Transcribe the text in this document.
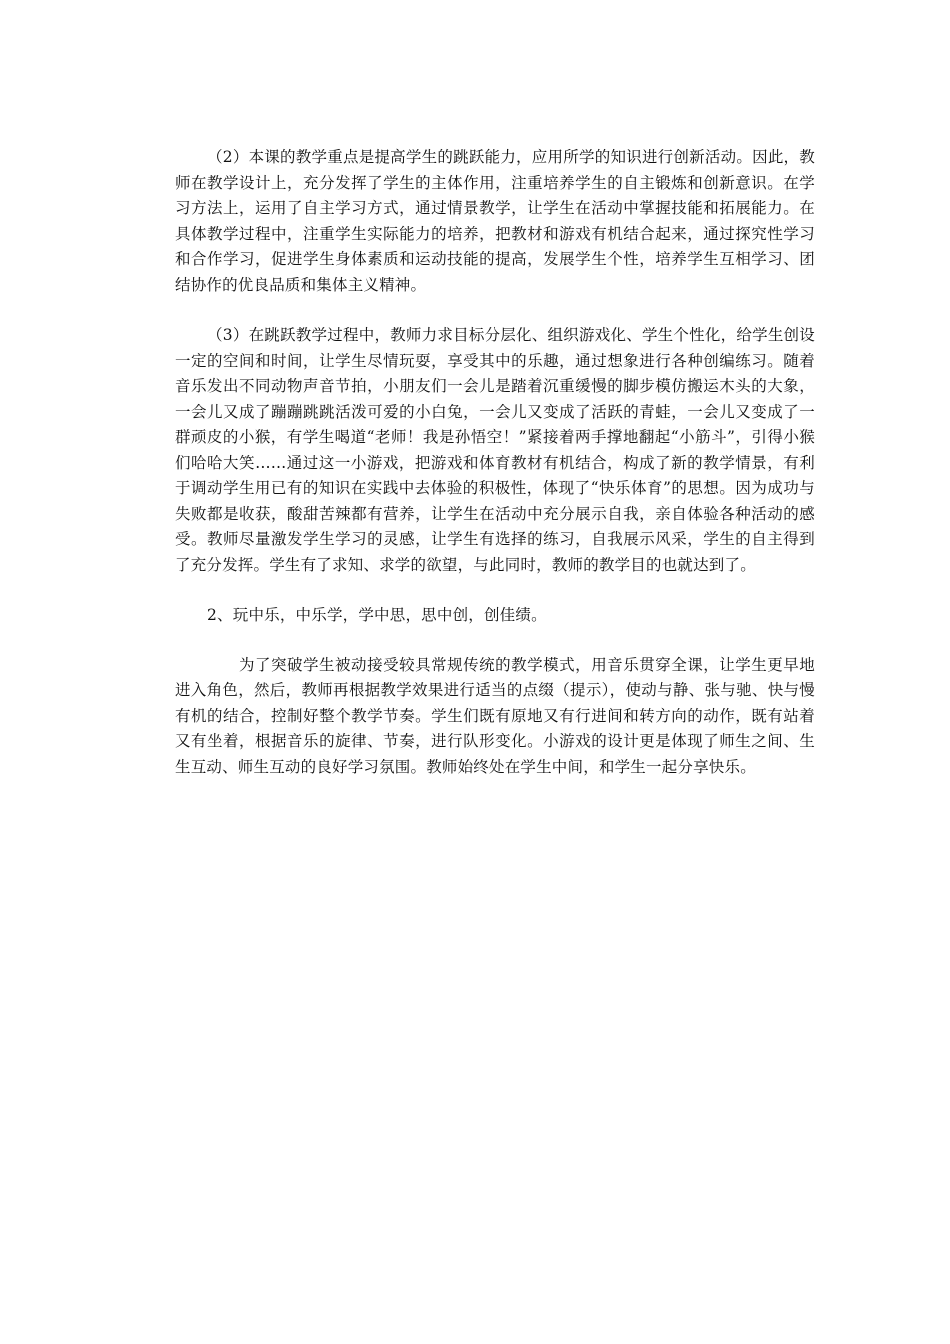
（2）本课的教学重点是提高学生的跳跃能力，应用所学的知识进行创新活动。因此，教师在教学设计上，充分发挥了学生的主体作用，注重培养学生的自主锻炼和创新意识。在学习方法上，运用了自主学习方式，通过情景教学，让学生在活动中掌握技能和拓展能力。在具体教学过程中，注重学生实际能力的培养，把教材和游戏有机结合起来，通过探究性学习和合作学习，促进学生身体素质和运动技能的提高，发展学生个性，培养学生互相学习、团结协作的优良品质和集体主义精神。

（3）在跳跃教学过程中，教师力求目标分层化、组织游戏化、学生个性化，给学生创设一定的空间和时间，让学生尽情玩耍，享受其中的乐趣，通过想象进行各种创编练习。随着音乐发出不同动物声音节拍，小朋友们一会儿是踏着沉重缓慢的脚步模仿搬运木头的大象，一会儿又成了蹦蹦跳跳活泼可爱的小白兔，一会儿又变成了活跃的青蛙，一会儿又变成了一群顽皮的小猴，有学生喝道“老师！我是孙悟空！”紧接着两手撑地翻起“小筋斗”，引得小猴们哈哈大笑……通过这一小游戏，把游戏和体育教材有机结合，构成了新的教学情景，有利于调动学生用已有的知识在实践中去体验的积极性，体现了“快乐体育”的思想。因为成功与失败都是收获，酸甜苦辣都有营养，让学生在活动中充分展示自我，亲自体验各种活动的感受。教师尽量激发学生学习的灵感，让学生有选择的练习，自我展示风采，学生的自主得到了充分发挥。学生有了求知、求学的欲望，与此同时，教师的教学目的也就达到了。

2、玩中乐，中乐学，学中思，思中创，创佳绩。

为了突破学生被动接受较具常规传统的教学模式，用音乐贯穿全课，让学生更早地进入角色，然后，教师再根据教学效果进行适当的点缀（提示），使动与静、张与驰、快与慢有机的结合，控制好整个教学节奏。学生们既有原地又有行进间和转方向的动作，既有站着又有坐着，根据音乐的旋律、节奏，进行队形变化。小游戏的设计更是体现了师生之间、生生互动、师生互动的良好学习氛围。教师始终处在学生中间，和学生一起分享快乐。
